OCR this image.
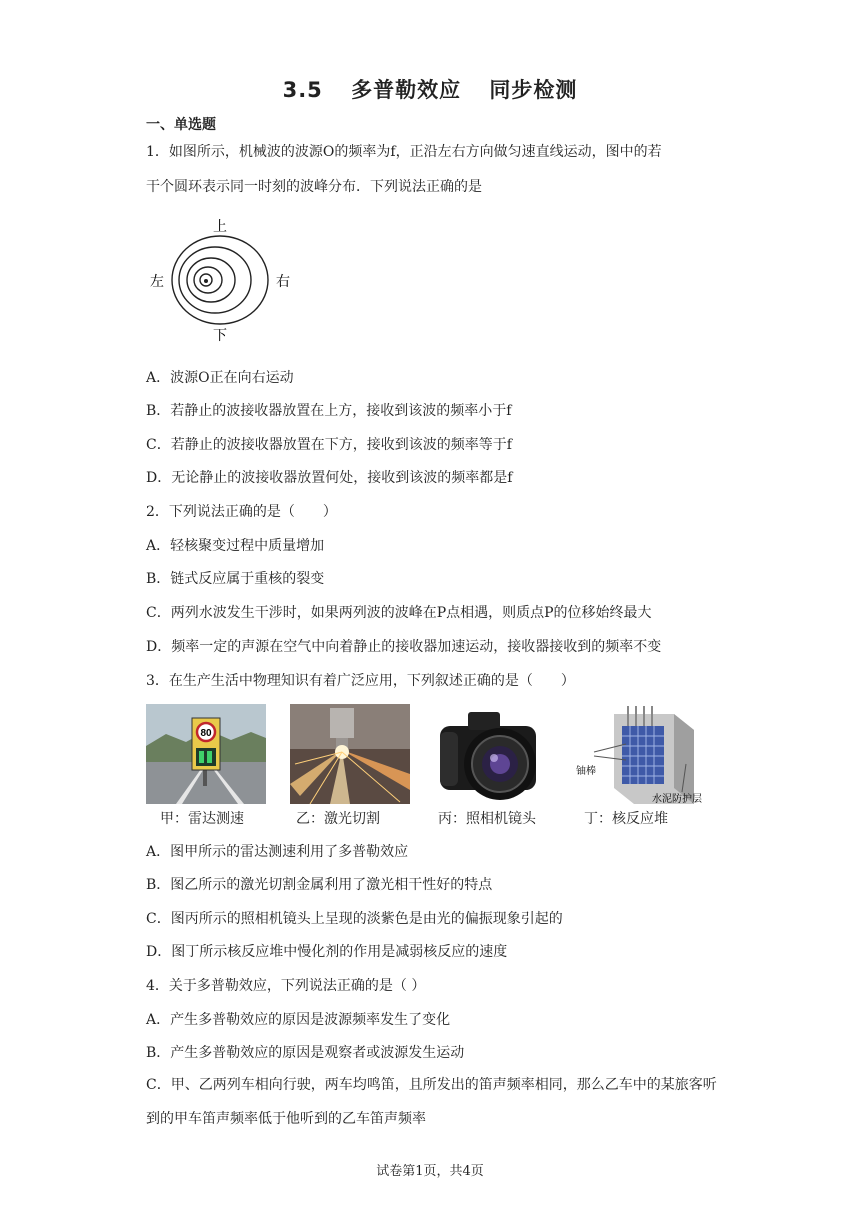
3.5 多普勒效应 同步检测
一、单选题
1．如图所示，机械波的波源O的频率为f，正沿左右方向做匀速直线运动，图中的若
干个圆环表示同一时刻的波峰分布．下列说法正确的是
上
下
左	右
A．波源O正在向右运动
B．若静止的波接收器放置在上方，接收到该波的频率小于f
C．若静止的波接收器放置在下方，接收到该波的频率等于f
D．无论静止的波接收器放置何处，接收到该波的频率都是f
2．下列说法正确的是（　　）
A．轻核聚变过程中质量增加
B．链式反应属于重核的裂变
C．两列水波发生干涉时，如果两列波的波峰在P点相遇，则质点P的位移始终最大
D．频率一定的声源在空气中向着静止的接收器加速运动，接收器接收到的频率不变
3．在生产生活中物理知识有着广泛应用，下列叙述正确的是（　　）
80
甲：雷达测速	乙：激光切割	丙：照相机镜头
铀棒
水泥防护层
丁：核反应堆
A．图甲所示的雷达测速利用了多普勒效应
B．图乙所示的激光切割金属利用了激光相干性好的特点
C．图丙所示的照相机镜头上呈现的淡紫色是由光的偏振现象引起的
D．图丁所示核反应堆中慢化剂的作用是减弱核反应的速度
4．关于多普勒效应，下列说法正确的是（ ）
A．产生多普勒效应的原因是波源频率发生了变化
B．产生多普勒效应的原因是观察者或波源发生运动
C．甲、乙两列车相向行驶，两车均鸣笛，且所发出的笛声频率相同，那么乙车中的某旅客听到的甲车笛声频率低于他听到的乙车笛声频率
试卷第1页，共4页
